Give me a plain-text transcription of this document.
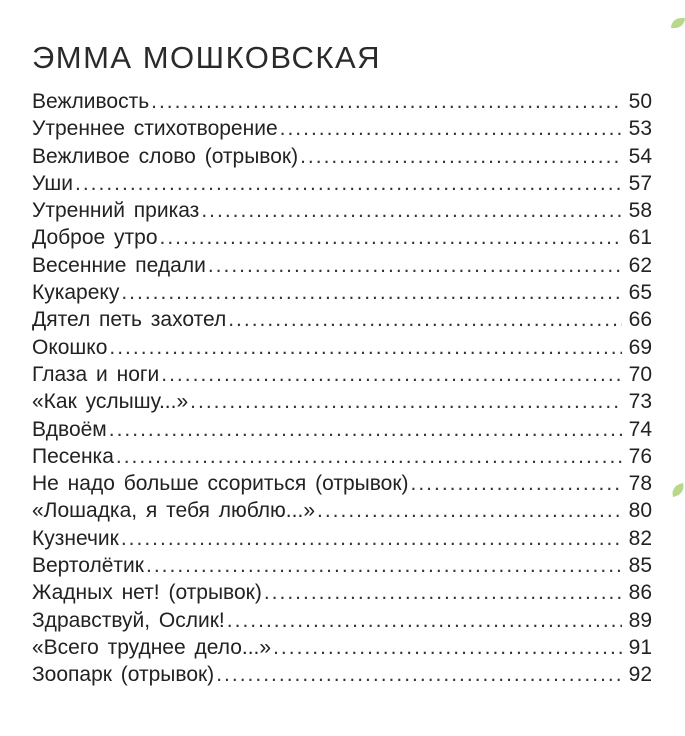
ЭММА МОШКОВСКАЯ
Вежливость .....	50
Утреннее стихотворение .....	53
Вежливое слово (отрывок) .....	54
Уши .....	57
Утренний приказ .....	58
Доброе утро .....	61
Весенние педали .....	62
Кукареку .....	65
Дятел петь захотел .....	66
Окошко .....	69
Глаза и ноги .....	70
«Как услышу...» .....	73
Вдвоём .....	74
Песенка .....	76
Не надо больше ссориться (отрывок) .....	78
«Лошадка, я тебя люблю...» .....	80
Кузнечик .....	82
Вертолётик .....	85
Жадных нет! (отрывок) .....	86
Здравствуй, Ослик! .....	89
«Всего труднее дело...» .....	91
Зоопарк (отрывок) .....	92
